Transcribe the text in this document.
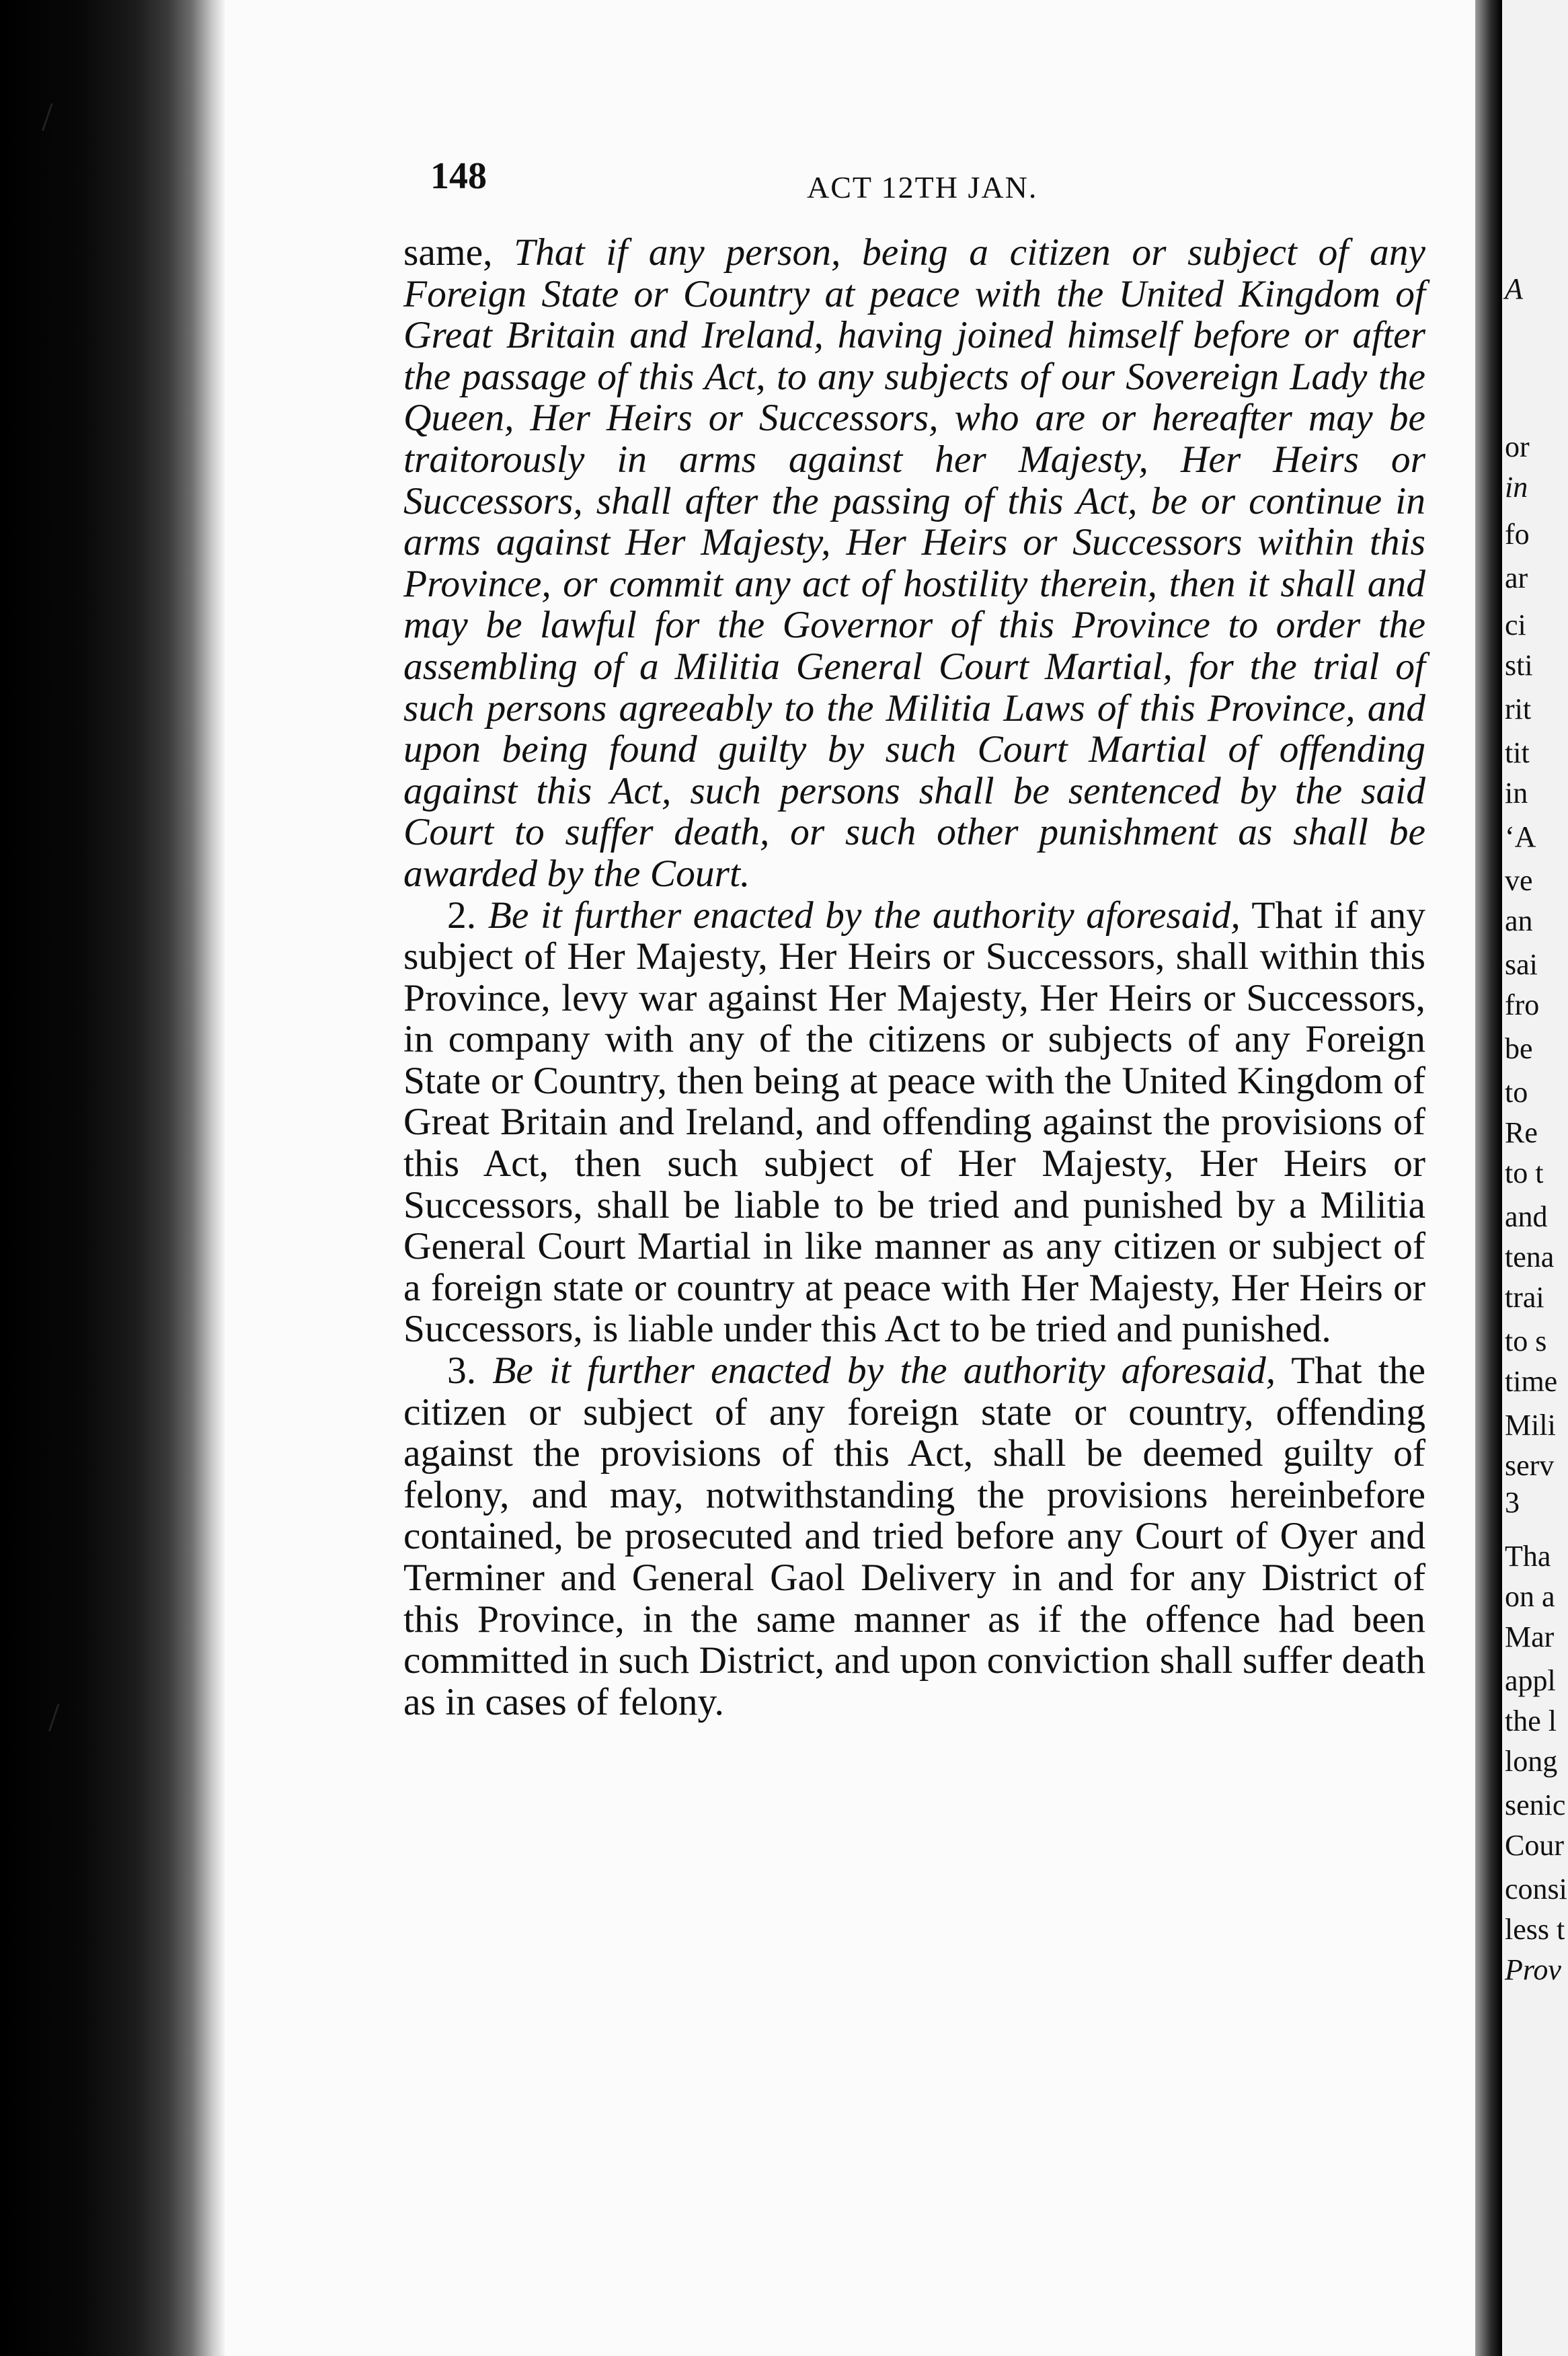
148	ACT 12TH JAN.

same, That if any person, being a citizen or subject of any Foreign State or Country at peace with the United Kingdom of Great Britain and Ireland, having joined himself before or after the passage of this Act, to any subjects of our Sovereign Lady the Queen, Her Heirs or Successors, who are or hereafter may be traitorously in arms against her Majesty, Her Heirs or Successors, shall after the passing of this Act, be or continue in arms against Her Majesty, Her Heirs or Successors within this Province, or commit any act of hostility therein, then it shall and may be lawful for the Governor of this Province to order the assembling of a Militia General Court Martial, for the trial of such persons agreeably to the Militia Laws of this Province, and upon being found guilty by such Court Martial of offending against this Act, such persons shall be sentenced by the said Court to suffer death, or such other punishment as shall be awarded by the Court.

2. Be it further enacted by the authority aforesaid, That if any subject of Her Majesty, Her Heirs or Successors, shall within this Province, levy war against Her Majesty, Her Heirs or Successors, in company with any of the citizens or subjects of any Foreign State or Country, then being at peace with the United Kingdom of Great Britain and Ireland, and offending against the provisions of this Act, then such subject of Her Majesty, Her Heirs or Successors, shall be liable to be tried and punished by a Militia General Court Martial in like manner as any citizen or subject of a foreign state or country at peace with Her Majesty, Her Heirs or Successors, is liable under this Act to be tried and punished.

3. Be it further enacted by the authority aforesaid, That the citizen or subject of any foreign state or country, offending against the provisions of this Act, shall be deemed guilty of felony, and may, notwithstanding the provisions hereinbefore contained, be prosecuted and tried before any Court of Oyer and Terminer and General Gaol Delivery in and for any District of this Province, in the same manner as if the offence had been committed in such District, and upon conviction shall suffer death as in cases of felony.

A
or
in
fo
ar
ci
sti
rit
tit
in
‘A
ve
an
sai
fro
be
to
Re
to t
and
tena
trai
to s
time
Mili
serv
3
Tha
on a
Mar
appl
the l
long
senic
Cour
consi
less t
Prov
/
/
